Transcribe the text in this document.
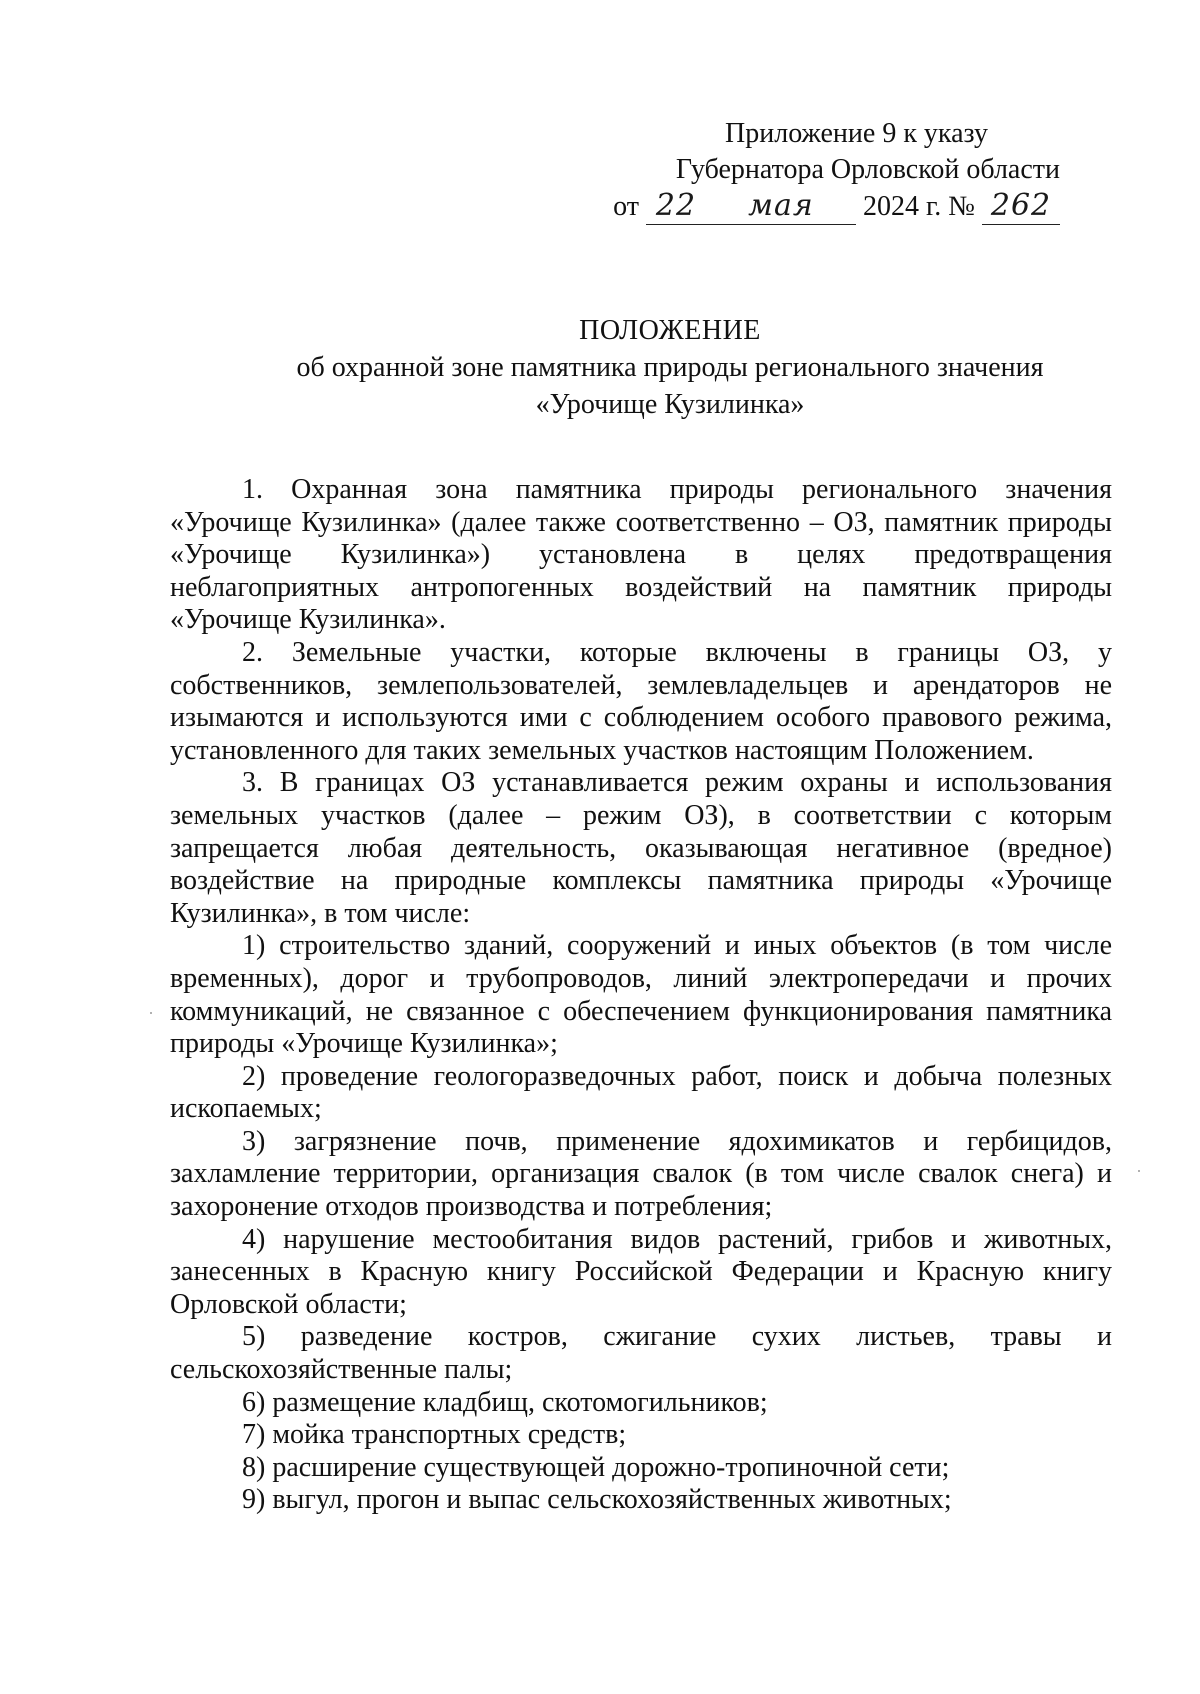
Приложение 9 к указу
Губернатора Орловской области
от 22 мая 2024 г. № 262
ПОЛОЖЕНИЕ
об охранной зоне памятника природы регионального значения
«Урочище Кузилинка»

1. Охранная зона памятника природы регионального значения «Урочище Кузилинка» (далее также соответственно – ОЗ, памятник природы «Урочище Кузилинка») установлена в целях предотвращения неблагоприятных антропогенных воздействий на памятник природы «Урочище Кузилинка».

2. Земельные участки, которые включены в границы ОЗ, у собственников, землепользователей, землевладельцев и арендаторов не изымаются и используются ими с соблюдением особого правового режима, установленного для таких земельных участков настоящим Положением.

3. В границах ОЗ устанавливается режим охраны и использования земельных участков (далее – режим ОЗ), в соответствии с которым запрещается любая деятельность, оказывающая негативное (вредное) воздействие на природные комплексы памятника природы «Урочище Кузилинка», в том числе:

1) строительство зданий, сооружений и иных объектов (в том числе временных), дорог и трубопроводов, линий электропередачи и прочих коммуникаций, не связанное с обеспечением функционирования памятника природы «Урочище Кузилинка»;

2) проведение геологоразведочных работ, поиск и добыча полезных ископаемых;

3) загрязнение почв, применение ядохимикатов и гербицидов, захламление территории, организация свалок (в том числе свалок снега) и захоронение отходов производства и потребления;

4) нарушение местообитания видов растений, грибов и животных, занесенных в Красную книгу Российской Федерации и Красную книгу Орловской области;

5) разведение костров, сжигание сухих листьев, травы и сельскохозяйственные палы;

6) размещение кладбищ, скотомогильников;

7) мойка транспортных средств;

8) расширение существующей дорожно-тропиночной сети;

9) выгул, прогон и выпас сельскохозяйственных животных;
